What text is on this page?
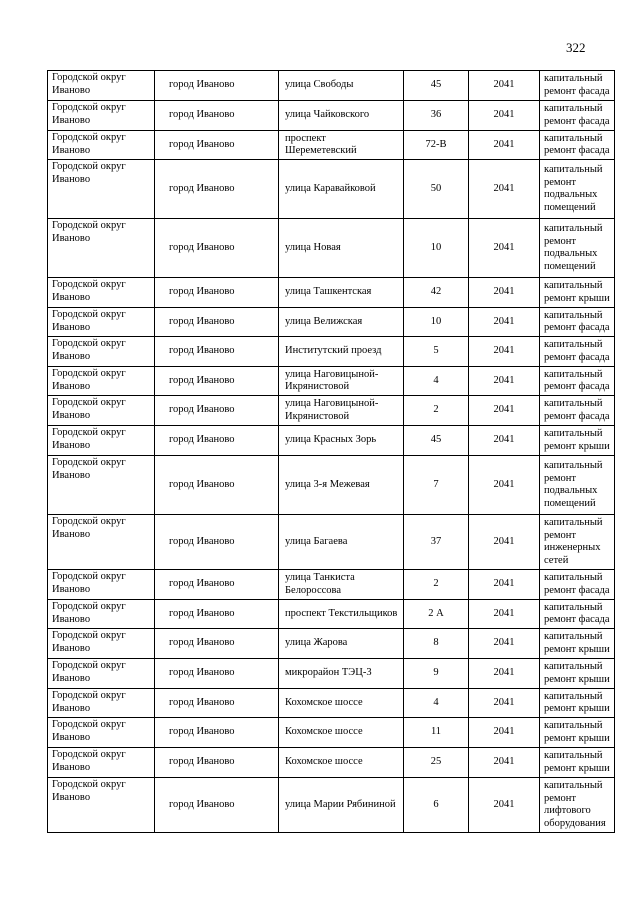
322
Городской округ Иваново	город Иваново	улица Свободы	45	2041	капитальный ремонт фасада
Городской округ Иваново	город Иваново	улица Чайковского	36	2041	капитальный ремонт фасада
Городской округ Иваново	город Иваново	проспект Шереметевский	72-В	2041	капитальный ремонт фасада
Городской округ Иваново	город Иваново	улица Каравайковой	50	2041	капитальный ремонт подвальных помещений
Городской округ Иваново	город Иваново	улица Новая	10	2041	капитальный ремонт подвальных помещений
Городской округ Иваново	город Иваново	улица Ташкентская	42	2041	капитальный ремонт крыши
Городской округ Иваново	город Иваново	улица Велижская	10	2041	капитальный ремонт фасада
Городской округ Иваново	город Иваново	Институтский проезд	5	2041	капитальный ремонт фасада
Городской округ Иваново	город Иваново	улица Наговицыной-Икрянистовой	4	2041	капитальный ремонт фасада
Городской округ Иваново	город Иваново	улица Наговицыной-Икрянистовой	2	2041	капитальный ремонт фасада
Городской округ Иваново	город Иваново	улица Красных Зорь	45	2041	капитальный ремонт крыши
Городской округ Иваново	город Иваново	улица 3-я Межевая	7	2041	капитальный ремонт подвальных помещений
Городской округ Иваново	город Иваново	улица Багаева	37	2041	капитальный ремонт инженерных сетей
Городской округ Иваново	город Иваново	улица Танкиста Белороссова	2	2041	капитальный ремонт фасада
Городской округ Иваново	город Иваново	проспект Текстильщиков	2 А	2041	капитальный ремонт фасада
Городской округ Иваново	город Иваново	улица Жарова	8	2041	капитальный ремонт крыши
Городской округ Иваново	город Иваново	микрорайон ТЭЦ-3	9	2041	капитальный ремонт крыши
Городской округ Иваново	город Иваново	Кохомское шоссе	4	2041	капитальный ремонт крыши
Городской округ Иваново	город Иваново	Кохомское шоссе	11	2041	капитальный ремонт крыши
Городской округ Иваново	город Иваново	Кохомское шоссе	25	2041	капитальный ремонт крыши
Городской округ Иваново	город Иваново	улица Марии Рябининой	6	2041	капитальный ремонт лифтового оборудования
